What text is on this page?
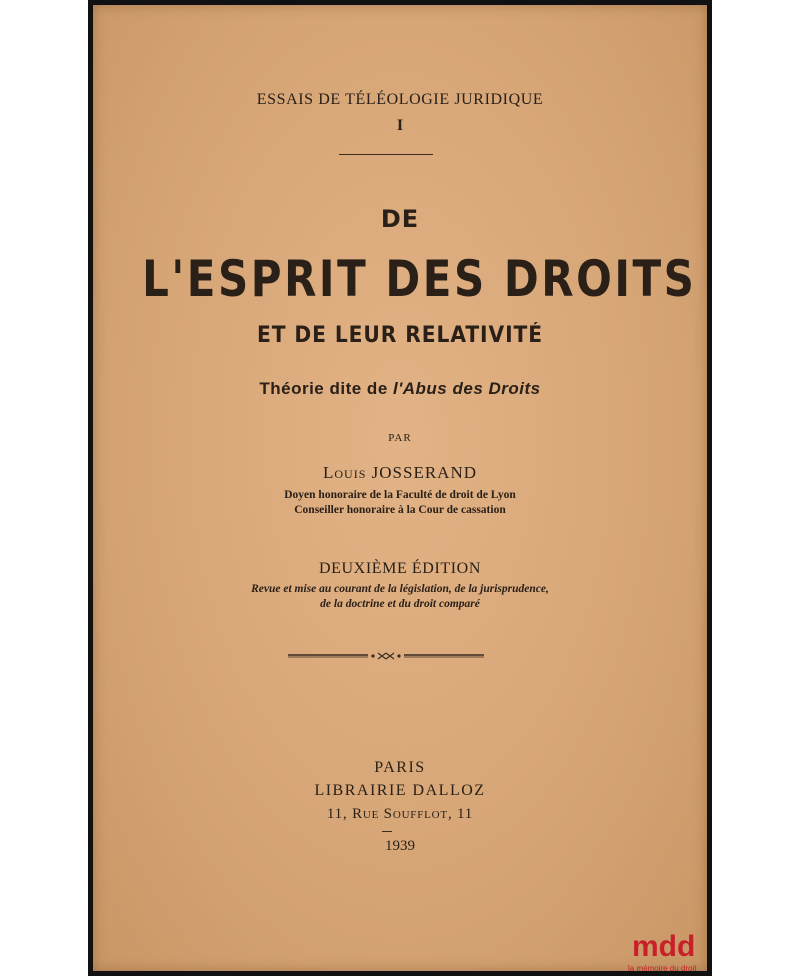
ESSAIS DE TÉLÉOLOGIE JURIDIQUE
I
DE
L'ESPRIT DES DROITS
ET DE LEUR RELATIVITÉ
Théorie dite de l'Abus des Droits
PAR
Louis JOSSERAND
Doyen honoraire de la Faculté de droit de Lyon
Conseiller honoraire à la Cour de cassation
DEUXIÈME ÉDITION
Revue et mise au courant de la législation, de la jurisprudence,
de la doctrine et du droit comparé
PARIS
LIBRAIRIE DALLOZ
11, Rue Soufflot, 11
1939
mdd
la mémoire du droit
